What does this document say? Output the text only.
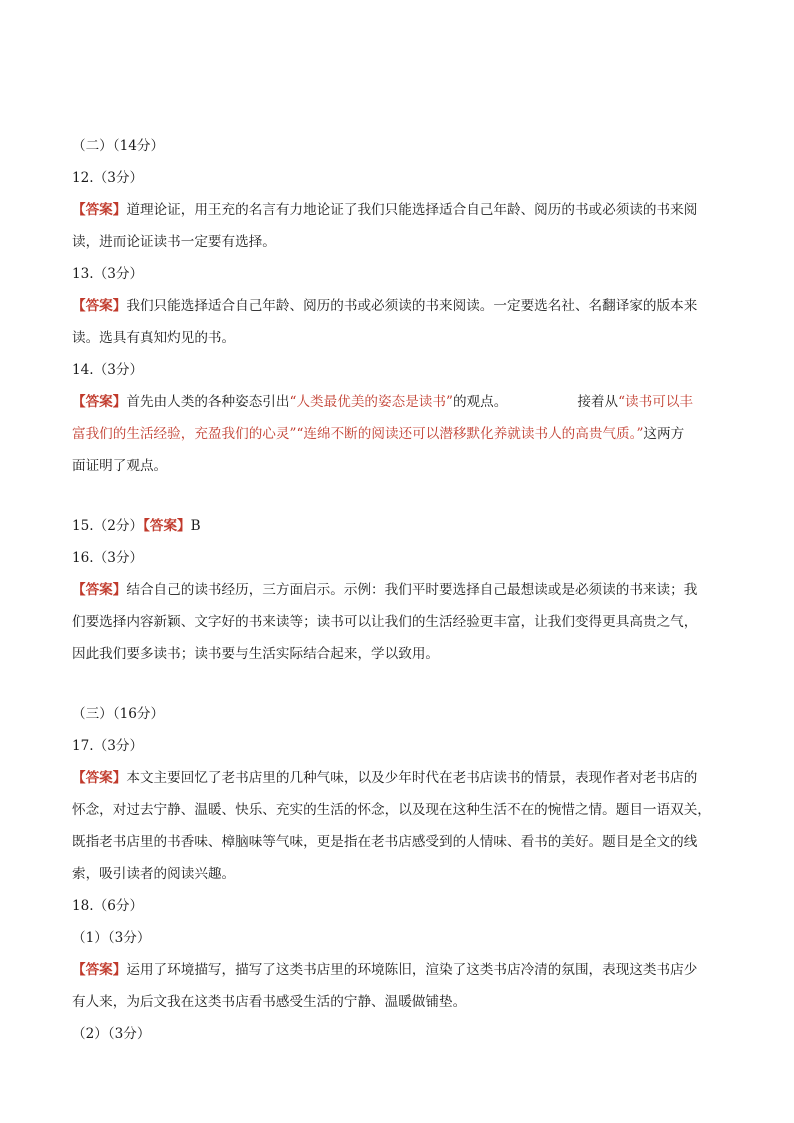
（二）（14分）
12.（3分）
【答案】道理论证，用王充的名言有力地论证了我们只能选择适合自己年龄、阅历的书或必须读的书来阅
读，进而论证读书一定要有选择。
13.（3分）
【答案】我们只能选择适合自己年龄、阅历的书或必须读的书来阅读。一定要选名社、名翻译家的版本来
读。选具有真知灼见的书。
14.（3分）
【答案】首先由人类的各种姿态引出“人类最优美的姿态是读书”的观点。	接着从“读书可以丰
富我们的生活经验，充盈我们的心灵”“连绵不断的阅读还可以潜移默化养就读书人的高贵气质。”这两方
面证明了观点。
15.（2分）【答案】B
16.（3分）
【答案】结合自己的读书经历，三方面启示。示例：我们平时要选择自己最想读或是必须读的书来读；我
们要选择内容新颖、文字好的书来读等；读书可以让我们的生活经验更丰富，让我们变得更具高贵之气，
因此我们要多读书；读书要与生活实际结合起来，学以致用。
（三）（16分）
17.（3分）
【答案】本文主要回忆了老书店里的几种气味，以及少年时代在老书店读书的情景，表现作者对老书店的
怀念，对过去宁静、温暖、快乐、充实的生活的怀念，以及现在这种生活不在的惋惜之情。题目一语双关，
既指老书店里的书香味、樟脑味等气味，更是指在老书店感受到的人情味、看书的美好。题目是全文的线
索，吸引读者的阅读兴趣。
18.（6分）
（1）（3分）
【答案】运用了环境描写，描写了这类书店里的环境陈旧，渲染了这类书店冷清的氛围，表现这类书店少
有人来，为后文我在这类书店看书感受生活的宁静、温暖做铺垫。
（2）（3分）
